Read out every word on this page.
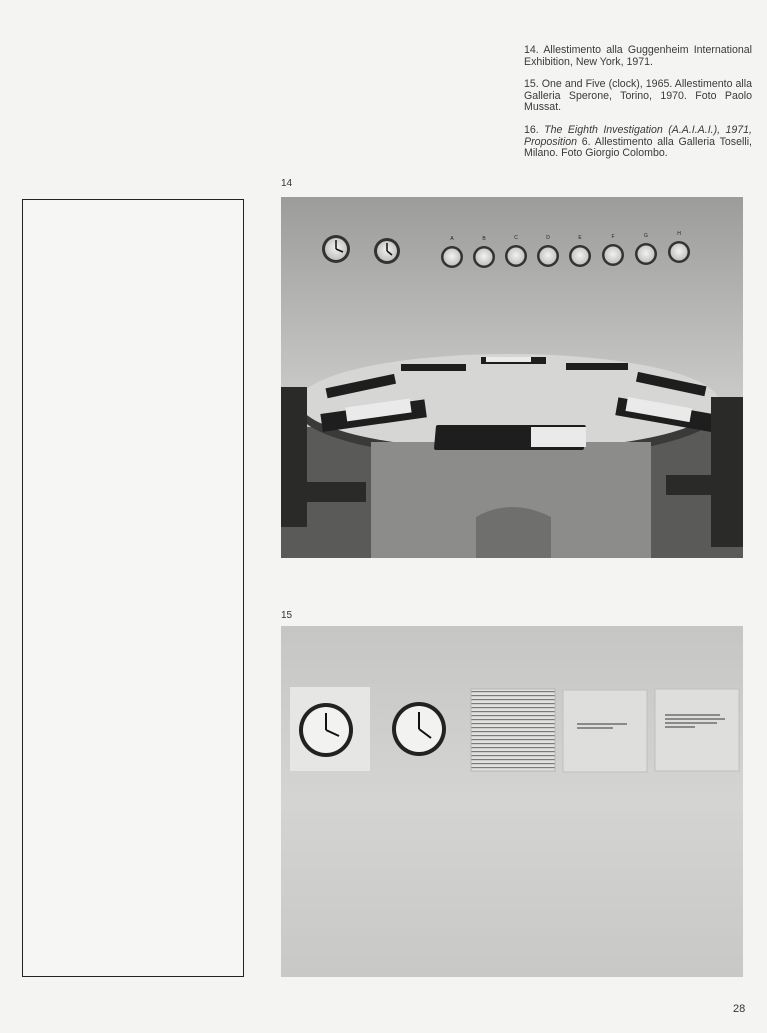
14. Allestimento alla Guggenheim International Exhibition, New York, 1971.

15. One and Five (clock), 1965. Allestimento alla Galleria Sperone, Torino, 1970. Foto Paolo Mussat.

16. The Eighth Investigation (A.A.I.A.I.), 1971, Proposition 6. Allestimento alla Galleria Toselli, Milano. Foto Giorgio Colombo.

14
15
A	B	C	D	E	F	G	H
28
